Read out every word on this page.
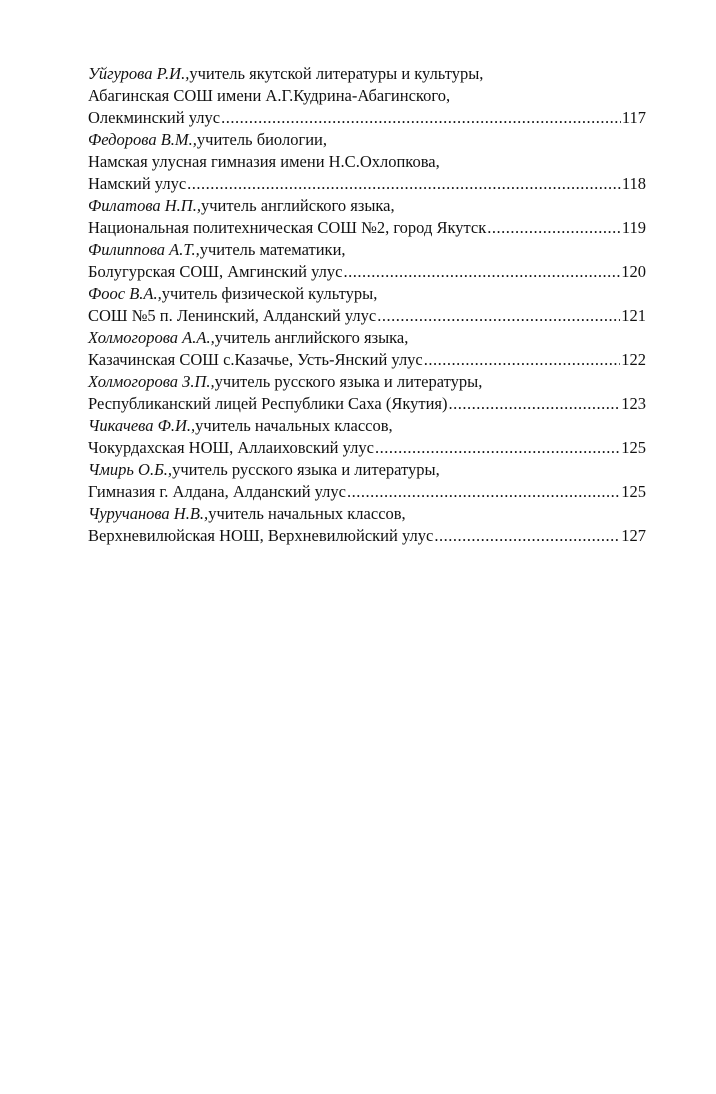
Уйгурова Р.И., учитель якутской литературы и культуры,
Абагинская СОШ имени А.Г.Кудрина-Абагинского,
Олекминский улус .....	117
Федорова В.М., учитель биологии,
Намская улусная гимназия имени Н.С.Охлопкова,
Намский улус .....	118
Филатова Н.П., учитель английского языка,
Национальная политехническая СОШ №2, город Якутск .....	119
Филиппова А.Т., учитель математики,
Болугурская СОШ, Амгинский улус .....	120
Фоос В.А., учитель физической культуры,
СОШ №5 п. Ленинский, Алданский улус .....	121
Холмогорова А.А., учитель английского языка,
Казачинская СОШ с.Казачье, Усть-Янский улус .....	122
Холмогорова З.П., учитель русского языка и литературы,
Республиканский лицей Республики Саха (Якутия) .....	123
Чикачева Ф.И., учитель начальных классов,
Чокурдахская НОШ, Аллаиховский улус .....	125
Чмирь О.Б., учитель русского языка и литературы,
Гимназия г. Алдана, Алданский улус .....	125
Чуручанова Н.В., учитель начальных классов,
Верхневилюйская НОШ, Верхневилюйский улус .....	127
